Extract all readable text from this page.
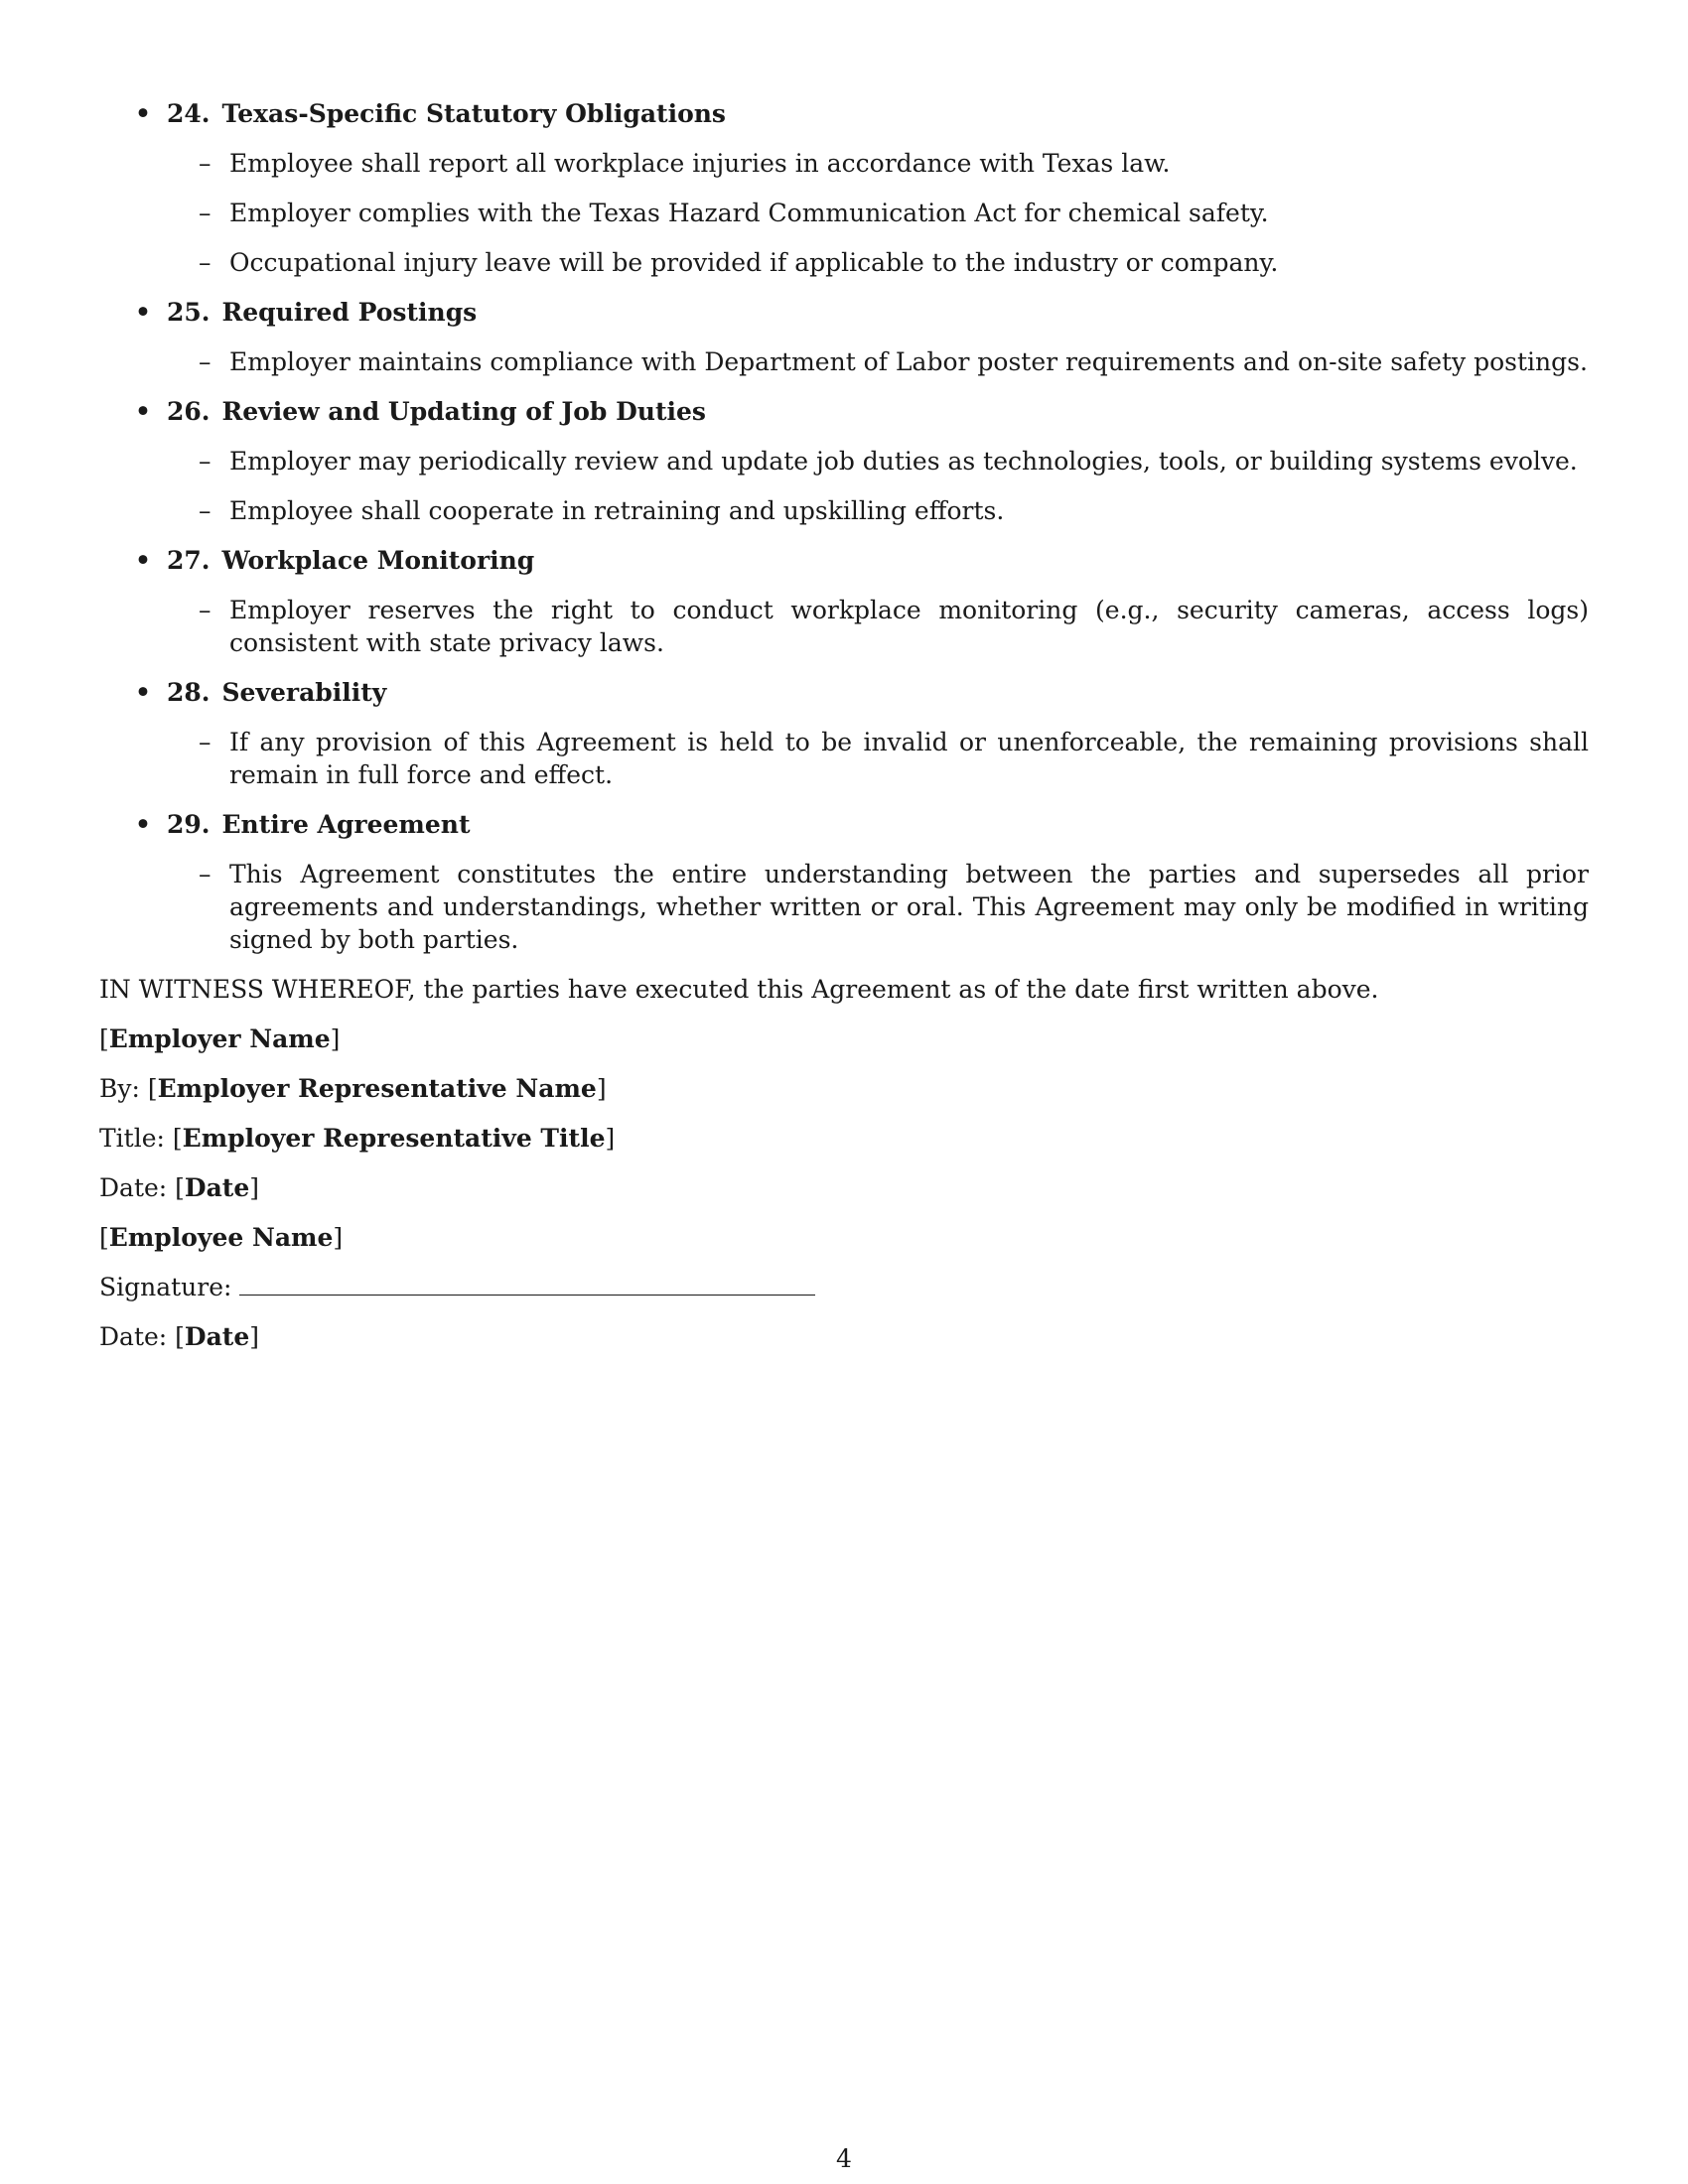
• 24. Texas-Specific Statutory Obligations
– Employee shall report all workplace injuries in accordance with Texas law.
– Employer complies with the Texas Hazard Communication Act for chemical safety.
– Occupational injury leave will be provided if applicable to the industry or company.
• 25. Required Postings
– Employer maintains compliance with Department of Labor poster requirements and on-site safety postings.
• 26. Review and Updating of Job Duties
– Employer may periodically review and update job duties as technologies, tools, or building systems evolve.
– Employee shall cooperate in retraining and upskilling efforts.
• 27. Workplace Monitoring
– Employer reserves the right to conduct workplace monitoring (e.g., security cameras, access logs) consistent with state privacy laws.
• 28. Severability
– If any provision of this Agreement is held to be invalid or unenforceable, the remaining provisions shall remain in full force and effect.
• 29. Entire Agreement
– This Agreement constitutes the entire understanding between the parties and supersedes all prior agreements and understandings, whether written or oral. This Agreement may only be modified in writing signed by both parties.

IN WITNESS WHEREOF, the parties have executed this Agreement as of the date first written above.

[Employer Name]

By: [Employer Representative Name]

Title: [Employer Representative Title]

Date: [Date]

[Employee Name]

Signature:

Date: [Date]

4
